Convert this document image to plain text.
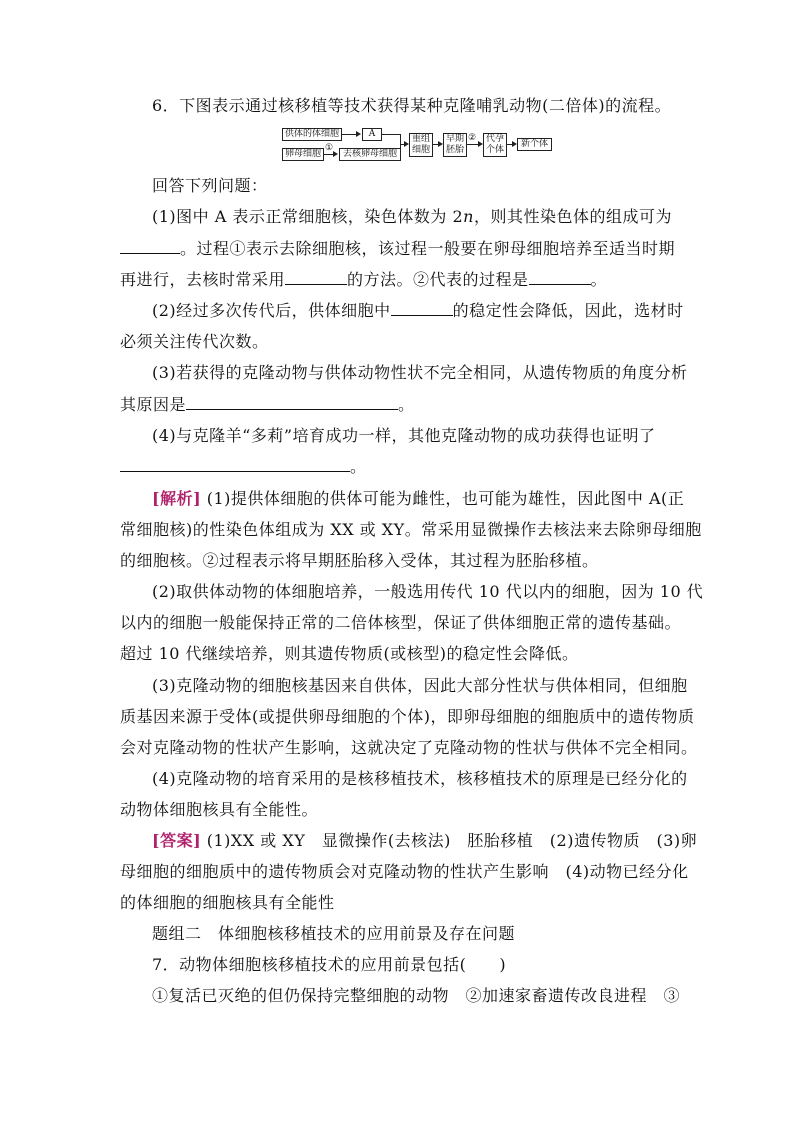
6．下图表示通过核移植等技术获得某种克隆哺乳动物(二倍体)的流程。
供体的体细胞	A
卵母细胞
①
去核卵母细胞
重组
细胞
早期
胚胎
② 代孕
个体
新个体
回答下列问题：
(1)图中 A 表示正常细胞核，染色体数为 2n，则其性染色体的组成可为
。过程①表示去除细胞核，该过程一般要在卵母细胞培养至适当时期
再进行，去核时常采用	的方法。②代表的过程是	。
(2)经过多次传代后，供体细胞中	的稳定性会降低，因此，选材时
必须关注传代次数。
(3)若获得的克隆动物与供体动物性状不完全相同，从遗传物质的角度分析
其原因是	。
(4)与克隆羊“多莉”培育成功一样，其他克隆动物的成功获得也证明了
。
[解析] (1)提供体细胞的供体可能为雌性，也可能为雄性，因此图中 A(正
常细胞核)的性染色体组成为 XX 或 XY。常采用显微操作去核法来去除卵母细胞
的细胞核。②过程表示将早期胚胎移入受体，其过程为胚胎移植。
(2)取供体动物的体细胞培养，一般选用传代 10 代以内的细胞，因为 10 代
以内的细胞一般能保持正常的二倍体核型，保证了供体细胞正常的遗传基础。
超过 10 代继续培养，则其遗传物质(或核型)的稳定性会降低。
(3)克隆动物的细胞核基因来自供体，因此大部分性状与供体相同，但细胞
质基因来源于受体(或提供卵母细胞的个体)，即卵母细胞的细胞质中的遗传物质
会对克隆动物的性状产生影响，这就决定了克隆动物的性状与供体不完全相同。
(4)克隆动物的培育采用的是核移植技术，核移植技术的原理是已经分化的
动物体细胞核具有全能性。
[答案] (1)XX 或 XY　显微操作(去核法)　胚胎移植　(2)遗传物质　(3)卵
母细胞的细胞质中的遗传物质会对克隆动物的性状产生影响　(4)动物已经分化
的体细胞的细胞核具有全能性
题组二　体细胞核移植技术的应用前景及存在问题
7．动物体细胞核移植技术的应用前景包括(　　)
①复活已灭绝的但仍保持完整细胞的动物　②加速家畜遗传改良进程　③
